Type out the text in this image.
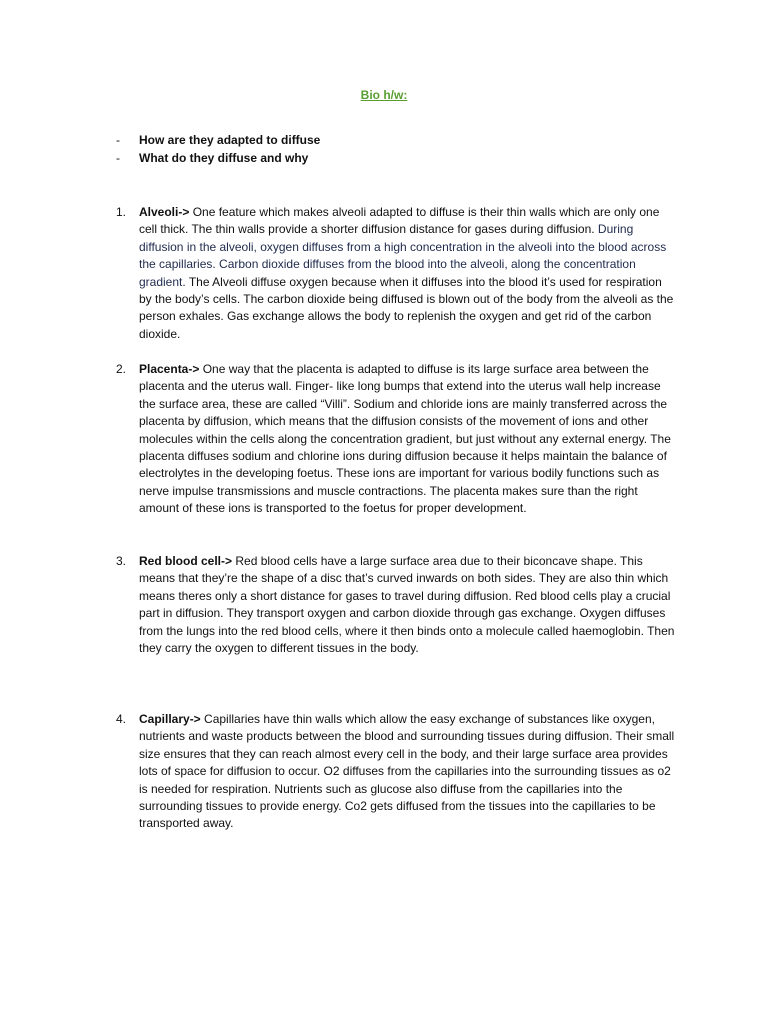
Bio h/w:
- How are they adapted to diffuse
- What do they diffuse and why
1. Alveoli-> One feature which makes alveoli adapted to diffuse is their thin walls which are only one cell thick. The thin walls provide a shorter diffusion distance for gases during diffusion. During diffusion in the alveoli, oxygen diffuses from a high concentration in the alveoli into the blood across the capillaries. Carbon dioxide diffuses from the blood into the alveoli, along the concentration gradient. The Alveoli diffuse oxygen because when it diffuses into the blood it’s used for respiration by the body’s cells. The carbon dioxide being diffused is blown out of the body from the alveoli as the person exhales. Gas exchange allows the body to replenish the oxygen and get rid of the carbon dioxide.
2. Placenta-> One way that the placenta is adapted to diffuse is its large surface area between the placenta and the uterus wall. Finger- like long bumps that extend into the uterus wall help increase the surface area, these are called “Villi”. Sodium and chloride ions are mainly transferred across the placenta by diffusion, which means that the diffusion consists of the movement of ions and other molecules within the cells along the concentration gradient, but just without any external energy. The placenta diffuses sodium and chlorine ions during diffusion because it helps maintain the balance of electrolytes in the developing foetus. These ions are important for various bodily functions such as nerve impulse transmissions and muscle contractions. The placenta makes sure than the right amount of these ions is transported to the foetus for proper development.
3. Red blood cell-> Red blood cells have a large surface area due to their biconcave shape. This means that they’re the shape of a disc that’s curved inwards on both sides. They are also thin which means theres only a short distance for gases to travel during diffusion. Red blood cells play a crucial part in diffusion. They transport oxygen and carbon dioxide through gas exchange. Oxygen diffuses from the lungs into the red blood cells, where it then binds onto a molecule called haemoglobin. Then they carry the oxygen to different tissues in the body.
4. Capillary-> Capillaries have thin walls which allow the easy exchange of substances like oxygen, nutrients and waste products between the blood and surrounding tissues during diffusion. Their small size ensures that they can reach almost every cell in the body, and their large surface area provides lots of space for diffusion to occur. O2 diffuses from the capillaries into the surrounding tissues as o2 is needed for respiration. Nutrients such as glucose also diffuse from the capillaries into the surrounding tissues to provide energy. Co2 gets diffused from the tissues into the capillaries to be transported away.
